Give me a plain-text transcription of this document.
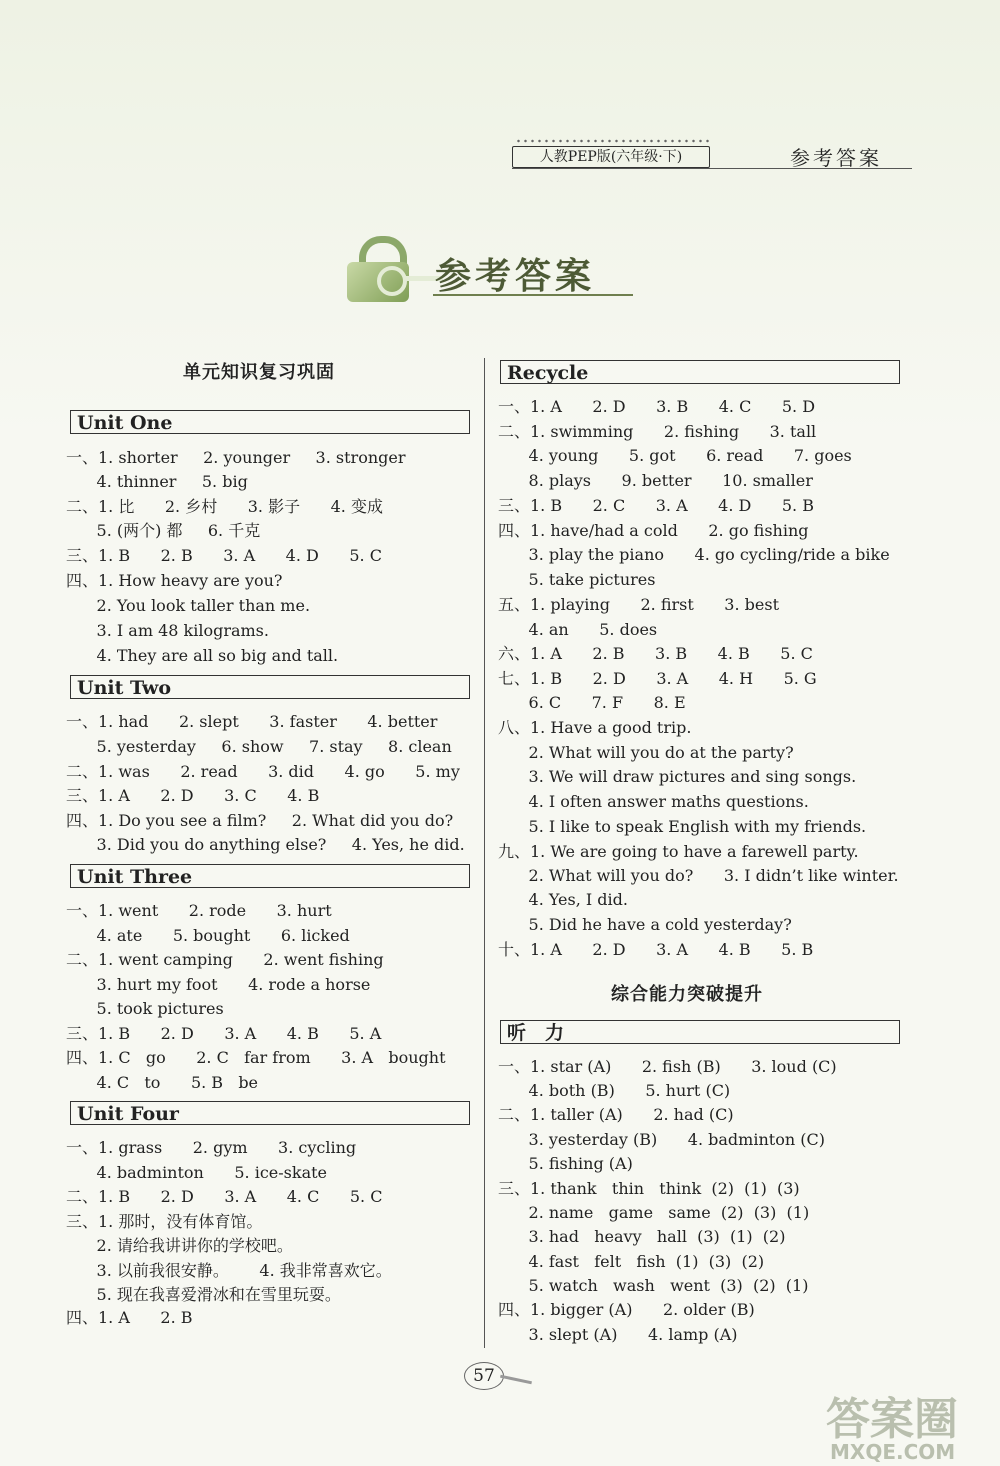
人教PEP版(六年级·下)	参考答案
参考答案
单元知识复习巩固
综合能力突破提升
Unit One
一、1. shorter     2. younger     3. stronger
4. thinner     5. big
二、1. 比      2. 乡村      3. 影子      4. 变成
5. (两个) 都     6. 千克
三、1. B      2. B      3. A      4. D      5. C
四、1. How heavy are you?
2. You look taller than me.
3. I am 48 kilograms.
4. They are all so big and tall.
Unit Two
一、1. had      2. slept      3. faster      4. better
5. yesterday     6. show     7. stay     8. clean
二、1. was      2. read      3. did      4. go      5. my
三、1. A      2. D      3. C      4. B
四、1. Do you see a film?     2. What did you do?
3. Did you do anything else?     4. Yes, he did.
Unit Three
一、1. went      2. rode      3. hurt
4. ate      5. bought      6. licked
二、1. went camping      2. went fishing
3. hurt my foot      4. rode a horse
5. took pictures
三、1. B      2. D      3. A      4. B      5. A
四、1. C   go      2. C   far from      3. A   bought
4. C   to      5. B   be
Unit Four
一、1. grass      2. gym      3. cycling
4. badminton      5. ice-skate
二、1. B      2. D      3. A      4. C      5. C
三、1. 那时，没有体育馆。
2. 请给我讲讲你的学校吧。
3. 以前我很安静。      4. 我非常喜欢它。
5. 现在我喜爱滑冰和在雪里玩耍。
四、1. A      2. B
Recycle
一、1. A      2. D      3. B      4. C      5. D
二、1. swimming      2. fishing      3. tall
4. young      5. got      6. read      7. goes
8. plays      9. better      10. smaller
三、1. B      2. C      3. A      4. D      5. B
四、1. have/had a cold      2. go fishing
3. play the piano      4. go cycling/ride a bike
5. take pictures
五、1. playing      2. first      3. best
4. an      5. does
六、1. A      2. B      3. B      4. B      5. C
七、1. B      2. D      3. A      4. H      5. G
6. C      7. F      8. E
八、1. Have a good trip.
2. What will you do at the party?
3. We will draw pictures and sing songs.
4. I often answer maths questions.
5. I like to speak English with my friends.
九、1. We are going to have a farewell party.
2. What will you do?      3. I didn’t like winter.
4. Yes, I did.
5. Did he have a cold yesterday?
十、1. A      2. D      3. A      4. B      5. B
听　力
一、1. star (A)      2. fish (B)      3. loud (C)
4. both (B)      5. hurt (C)
二、1. taller (A)      2. had (C)
3. yesterday (B)      4. badminton (C)
5. fishing (A)
三、1. thank   thin   think  (2)  (1)  (3)
2. name   game   same  (2)  (3)  (1)
3. had   heavy   hall  (3)  (1)  (2)
4. fast   felt   fish  (1)  (3)  (2)
5. watch   wash   went  (3)  (2)  (1)
四、1. bigger (A)      2. older (B)
3. slept (A)      4. lamp (A)
57
答案圈
MXQE.COM
